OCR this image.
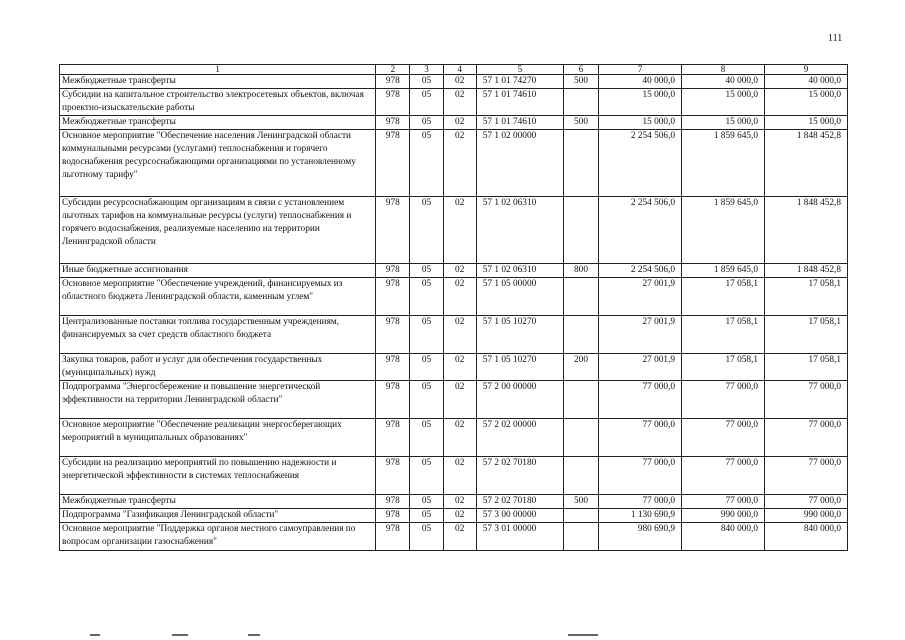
111
1	2	3	4	5	6	7	8	9
Межбюджетные трансферты	978	05	02	57 1 01 74270	500	40 000,0	40 000,0	40 000,0
Субсидии на капитальное строительство электросетевых объектов, включая проектно-изыскательские работы	978	05	02	57 1 01 74610		15 000,0	15 000,0	15 000,0
Межбюджетные трансферты	978	05	02	57 1 01 74610	500	15 000,0	15 000,0	15 000,0
Основное мероприятие "Обеспечение населения Ленинградской области коммунальными ресурсами (услугами) теплоснабжения и горячего водоснабжения ресурсоснабжающими организациями по установленному льготному тарифу"	978	05	02	57 1 02 00000		2 254 506,0	1 859 645,0	1 848 452,8
Субсидии ресурсоснабжающим организациям в связи с установлением льготных тарифов на коммунальные ресурсы (услуги) теплоснабжения и горячего водоснабжения, реализуемые населению на территории Ленинградской области	978	05	02	57 1 02 06310		2 254 506,0	1 859 645,0	1 848 452,8
Иные бюджетные ассигнования	978	05	02	57 1 02 06310	800	2 254 506,0	1 859 645,0	1 848 452,8
Основное мероприятие "Обеспечение учреждений, финансируемых из областного бюджета Ленинградской области, каменным углем"	978	05	02	57 1 05 00000		27 001,9	17 058,1	17 058,1
Централизованные поставки топлива государственным учреждениям, финансируемых за счет средств областного бюджета	978	05	02	57 1 05 10270		27 001,9	17 058,1	17 058,1
Закупка товаров, работ и услуг для обеспечения государственных (муниципальных) нужд	978	05	02	57 1 05 10270	200	27 001,9	17 058,1	17 058,1
Подпрограмма "Энергосбережение и повышение энергетической эффективности на территории Ленинградской области"	978	05	02	57 2 00 00000		77 000,0	77 000,0	77 000,0
Основное мероприятие "Обеспечение реализации энергосберегающих мероприятий в муниципальных образованиях"	978	05	02	57 2 02 00000		77 000,0	77 000,0	77 000,0
Субсидии на реализацию мероприятий по повышению надежности и энергетической эффективности в системах теплоснабжения	978	05	02	57 2 02 70180		77 000,0	77 000,0	77 000,0
Межбюджетные трансферты	978	05	02	57 2 02 70180	500	77 000,0	77 000,0	77 000,0
Подпрограмма "Газификация Ленинградской области"	978	05	02	57 3 00 00000		1 130 690,9	990 000,0	990 000,0
Основное мероприятие "Поддержка органов местного самоуправления по вопросам организации газоснабжения"	978	05	02	57 3 01 00000		980 690,9	840 000,0	840 000,0
